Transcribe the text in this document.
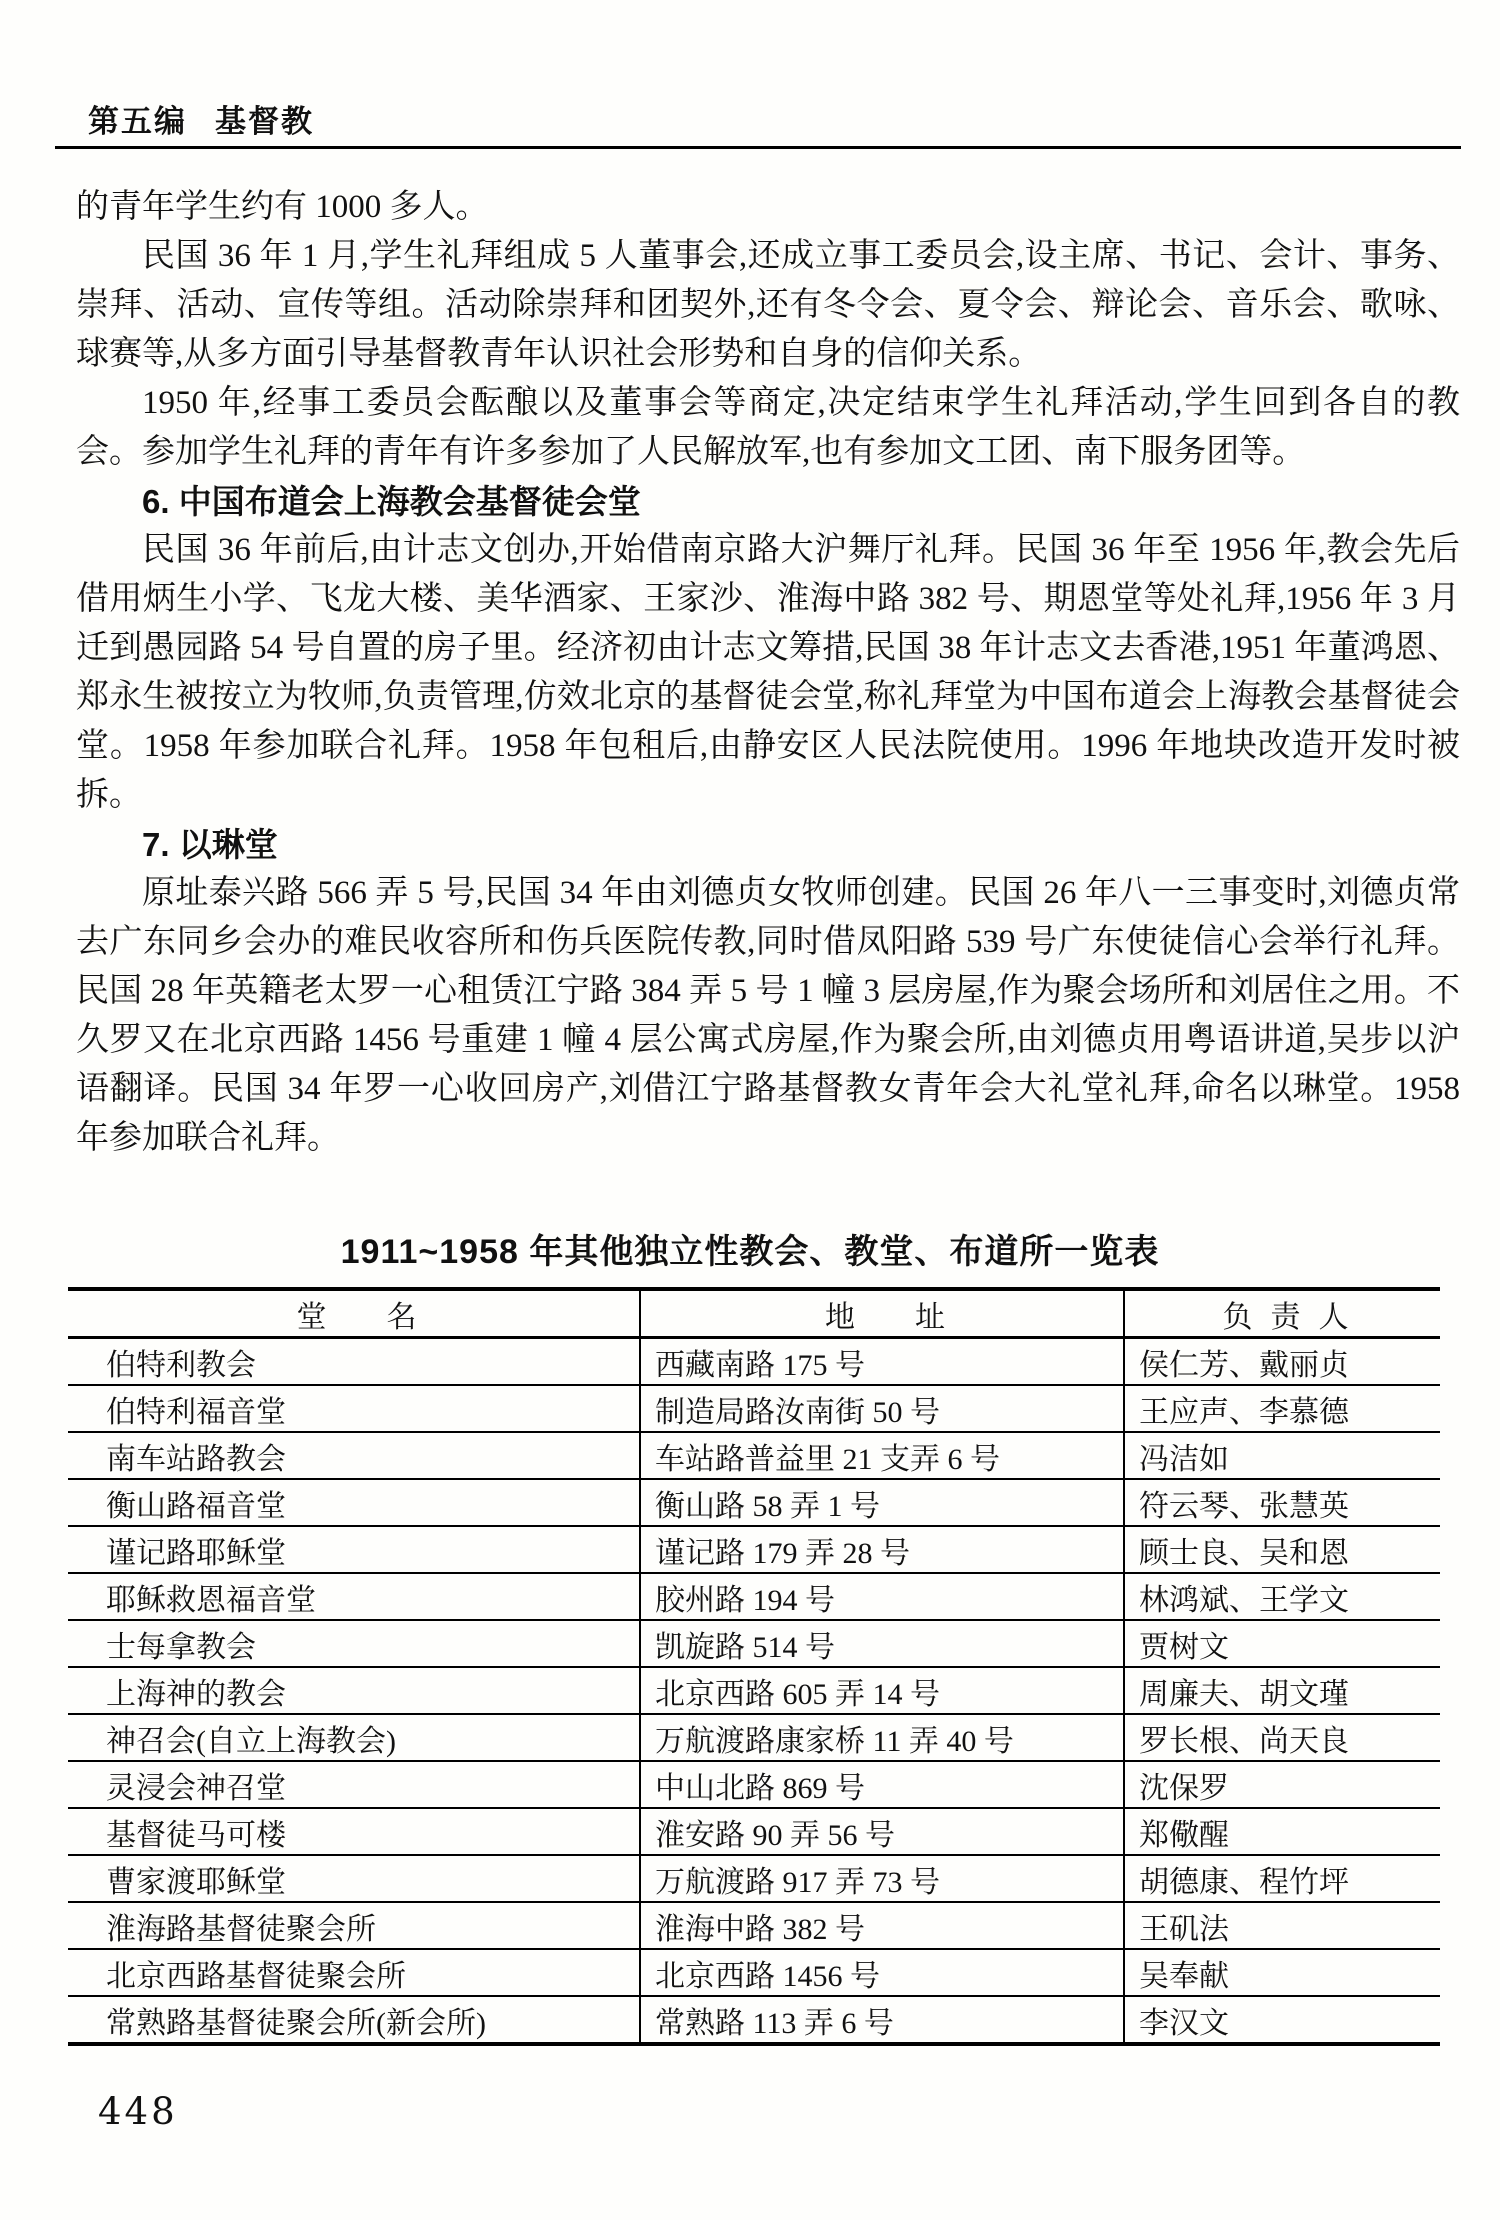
第五编 基督教

的青年学生约有 1000 多人。

民国 36 年 1 月,学生礼拜组成 5 人董事会,还成立事工委员会,设主席、书记、会计、事务、崇拜、活动、宣传等组。活动除崇拜和团契外,还有冬令会、夏令会、辩论会、音乐会、歌咏、球赛等,从多方面引导基督教青年认识社会形势和自身的信仰关系。

1950 年,经事工委员会酝酿以及董事会等商定,决定结束学生礼拜活动,学生回到各自的教会。参加学生礼拜的青年有许多参加了人民解放军,也有参加文工团、南下服务团等。

6. 中国布道会上海教会基督徒会堂

民国 36 年前后,由计志文创办,开始借南京路大沪舞厅礼拜。民国 36 年至 1956 年,教会先后借用炳生小学、飞龙大楼、美华酒家、王家沙、淮海中路 382 号、期恩堂等处礼拜,1956 年 3 月迁到愚园路 54 号自置的房子里。经济初由计志文筹措,民国 38 年计志文去香港,1951 年董鸿恩、郑永生被按立为牧师,负责管理,仿效北京的基督徒会堂,称礼拜堂为中国布道会上海教会基督徒会堂。1958 年参加联合礼拜。1958 年包租后,由静安区人民法院使用。1996 年地块改造开发时被拆。

7. 以琳堂

原址泰兴路 566 弄 5 号,民国 34 年由刘德贞女牧师创建。民国 26 年八一三事变时,刘德贞常去广东同乡会办的难民收容所和伤兵医院传教,同时借凤阳路 539 号广东使徒信心会举行礼拜。民国 28 年英籍老太罗一心租赁江宁路 384 弄 5 号 1 幢 3 层房屋,作为聚会场所和刘居住之用。不久罗又在北京西路 1456 号重建 1 幢 4 层公寓式房屋,作为聚会所,由刘德贞用粤语讲道,吴步以沪语翻译。民国 34 年罗一心收回房产,刘借江宁路基督教女青年会大礼堂礼拜,命名以琳堂。1958 年参加联合礼拜。

1911~1958 年其他独立性教会、教堂、布道所一览表
堂名	地址	负责人
伯特利教会	西藏南路 175 号	侯仁芳、戴丽贞
伯特利福音堂	制造局路汝南街 50 号	王应声、李慕德
南车站路教会	车站路普益里 21 支弄 6 号	冯洁如
衡山路福音堂	衡山路 58 弄 1 号	符云琴、张慧英
谨记路耶稣堂	谨记路 179 弄 28 号	顾士良、吴和恩
耶稣救恩福音堂	胶州路 194 号	林鸿斌、王学文
士每拿教会	凯旋路 514 号	贾树文
上海神的教会	北京西路 605 弄 14 号	周廉夫、胡文瑾
神召会(自立上海教会)	万航渡路康家桥 11 弄 40 号	罗长根、尚天良
灵浸会神召堂	中山北路 869 号	沈保罗
基督徒马可楼	淮安路 90 弄 56 号	郑儆醒
曹家渡耶稣堂	万航渡路 917 弄 73 号	胡德康、程竹坪
淮海路基督徒聚会所	淮海中路 382 号	王矶法
北京西路基督徒聚会所	北京西路 1456 号	吴奉献
常熟路基督徒聚会所(新会所)	常熟路 113 弄 6 号	李汉文
448
